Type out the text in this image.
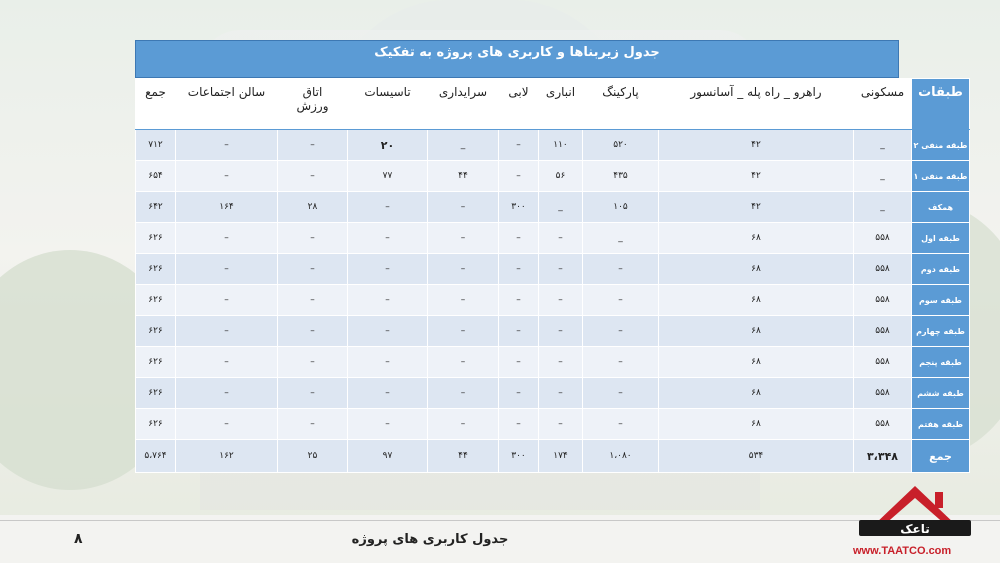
جدول زیربناها و کاربری های پروژه به تفکیک
طبقات	مسکونی	راهرو _ راه پله _ آسانسور	پارکینگ	انباری	لابی	سرایداری	تاسیسات	اتاق
ورزش	سالن اجتماعات	جمع
طبقه منفی ۲	_	۴۲	۵۲۰	۱۱۰	–	_	۲۰	–	–	۷۱۲
طبقه منفی ۱	_	۴۲	۴۳۵	۵۶	–	۴۴	۷۷	–	–	۶۵۴
همکف	_	۴۲	۱۰۵	_	۳۰۰	–	–	۲۸	۱۶۴	۶۴۲
طبقه اول	۵۵۸	۶۸	_	–	–	–	–	–	–	۶۲۶
طبقه دوم	۵۵۸	۶۸	–	–	–	–	–	–	–	۶۲۶
طبقه سوم	۵۵۸	۶۸	–	–	–	–	–	–	–	۶۲۶
طبقه چهارم	۵۵۸	۶۸	–	–	–	–	–	–	–	۶۲۶
طبقه پنجم	۵۵۸	۶۸	–	–	–	–	–	–	–	۶۲۶
طبقه ششم	۵۵۸	۶۸	–	–	–	–	–	–	–	۶۲۶
طبقه هفتم	۵۵۸	۶۸	–	–	–	–	–	–	–	۶۲۶
جمع	۳،۳۴۸	۵۳۴	۱،۰۸۰	۱۷۴	۳۰۰	۴۴	۹۷	۲۵	۱۶۲	۵،۷۶۴
۸	جدول کاربری های پروژه
تاعک
www.TAATCO.com
